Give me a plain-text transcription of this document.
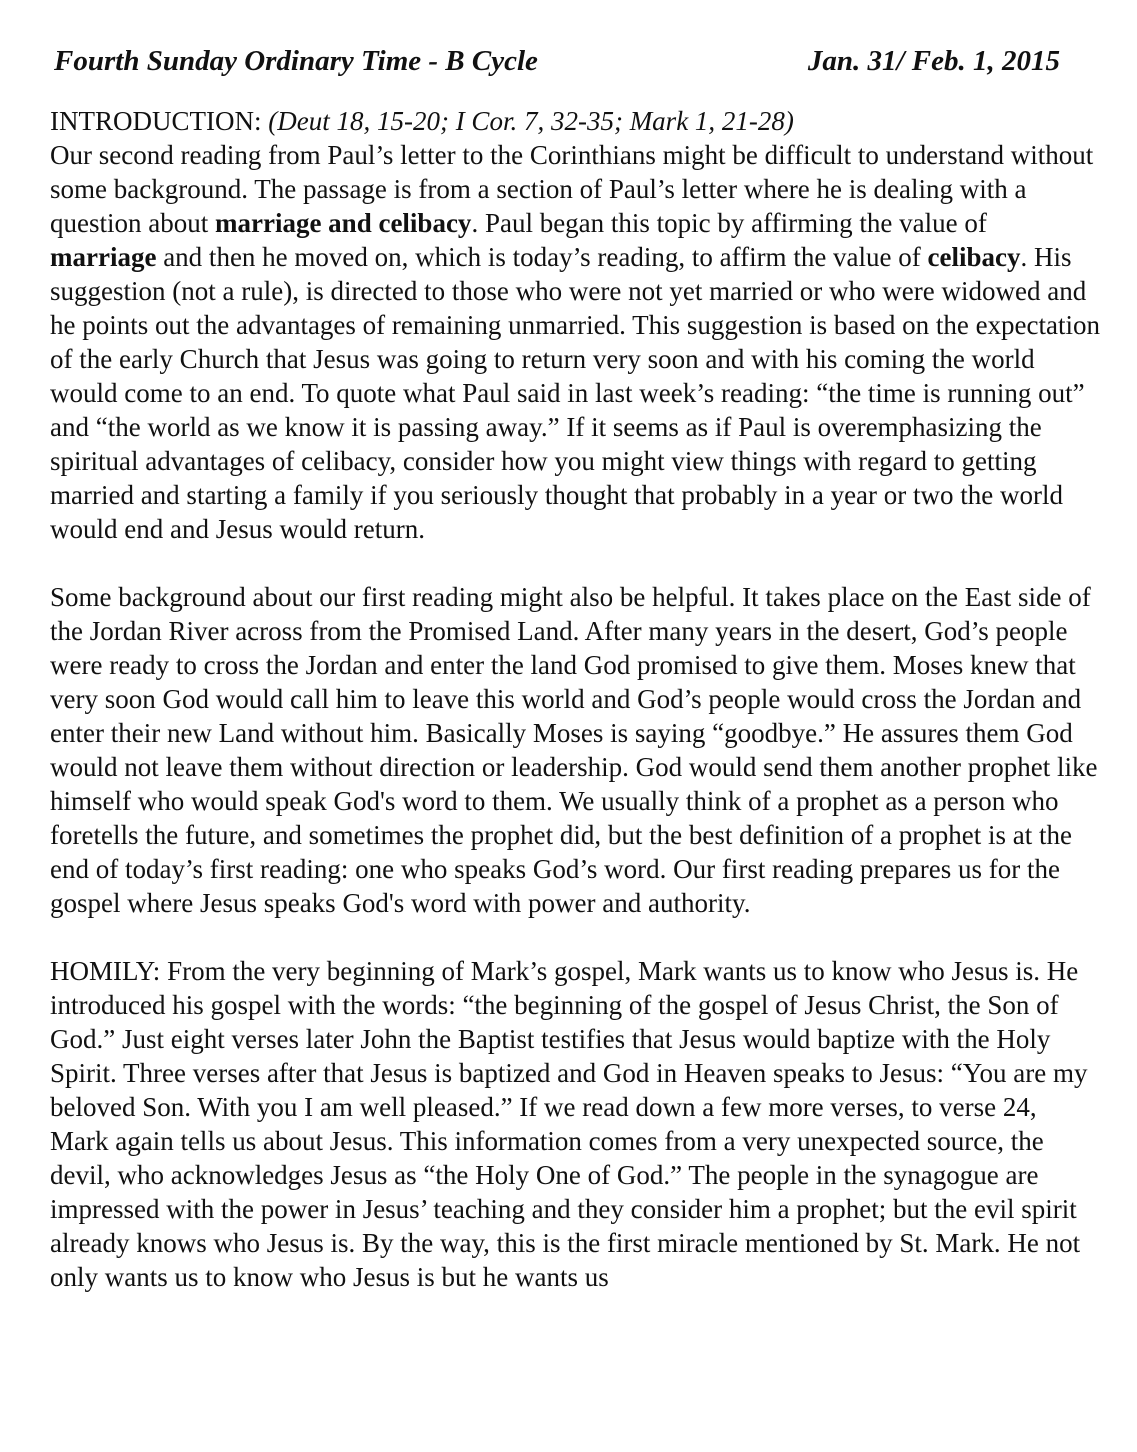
Fourth Sunday Ordinary Time - B Cycle	Jan. 31/ Feb. 1, 2015

INTRODUCTION: (Deut 18, 15-20; I Cor. 7, 32-35; Mark 1, 21-28)

Our second reading from Paul’s letter to the Corinthians might be difficult to understand without some background. The passage is from a section of Paul’s letter where he is dealing with a question about marriage and celibacy. Paul began this topic by affirming the value of marriage and then he moved on, which is today’s reading, to affirm the value of celibacy. His suggestion (not a rule), is directed to those who were not yet married or who were widowed and he points out the advantages of remaining unmarried. This suggestion is based on the expectation of the early Church that Jesus was going to return very soon and with his coming the world would come to an end. To quote what Paul said in last week’s reading: “the time is running out” and “the world as we know it is passing away.” If it seems as if Paul is overemphasizing the spiritual advantages of celibacy, consider how you might view things with regard to getting married and starting a family if you seriously thought that probably in a year or two the world would end and Jesus would return.

Some background about our first reading might also be helpful. It takes place on the East side of the Jordan River across from the Promised Land. After many years in the desert, God’s people were ready to cross the Jordan and enter the land God promised to give them. Moses knew that very soon God would call him to leave this world and God’s people would cross the Jordan and enter their new Land without him. Basically Moses is saying “goodbye.” He assures them God would not leave them without direction or leadership. God would send them another prophet like himself who would speak God's word to them. We usually think of a prophet as a person who foretells the future, and sometimes the prophet did, but the best definition of a prophet is at the end of today’s first reading: one who speaks God’s word. Our first reading prepares us for the gospel where Jesus speaks God's word with power and authority.

HOMILY: From the very beginning of Mark’s gospel, Mark wants us to know who Jesus is. He introduced his gospel with the words: “the beginning of the gospel of Jesus Christ, the Son of God.” Just eight verses later John the Baptist testifies that Jesus would baptize with the Holy Spirit. Three verses after that Jesus is baptized and God in Heaven speaks to Jesus: “You are my beloved Son. With you I am well pleased.” If we read down a few more verses, to verse 24, Mark again tells us about Jesus. This information comes from a very unexpected source, the devil, who acknowledges Jesus as “the Holy One of God.” The people in the synagogue are impressed with the power in Jesus’ teaching and they consider him a prophet; but the evil spirit already knows who Jesus is. By the way, this is the first miracle mentioned by St. Mark. He not only wants us to know who Jesus is but he wants us
